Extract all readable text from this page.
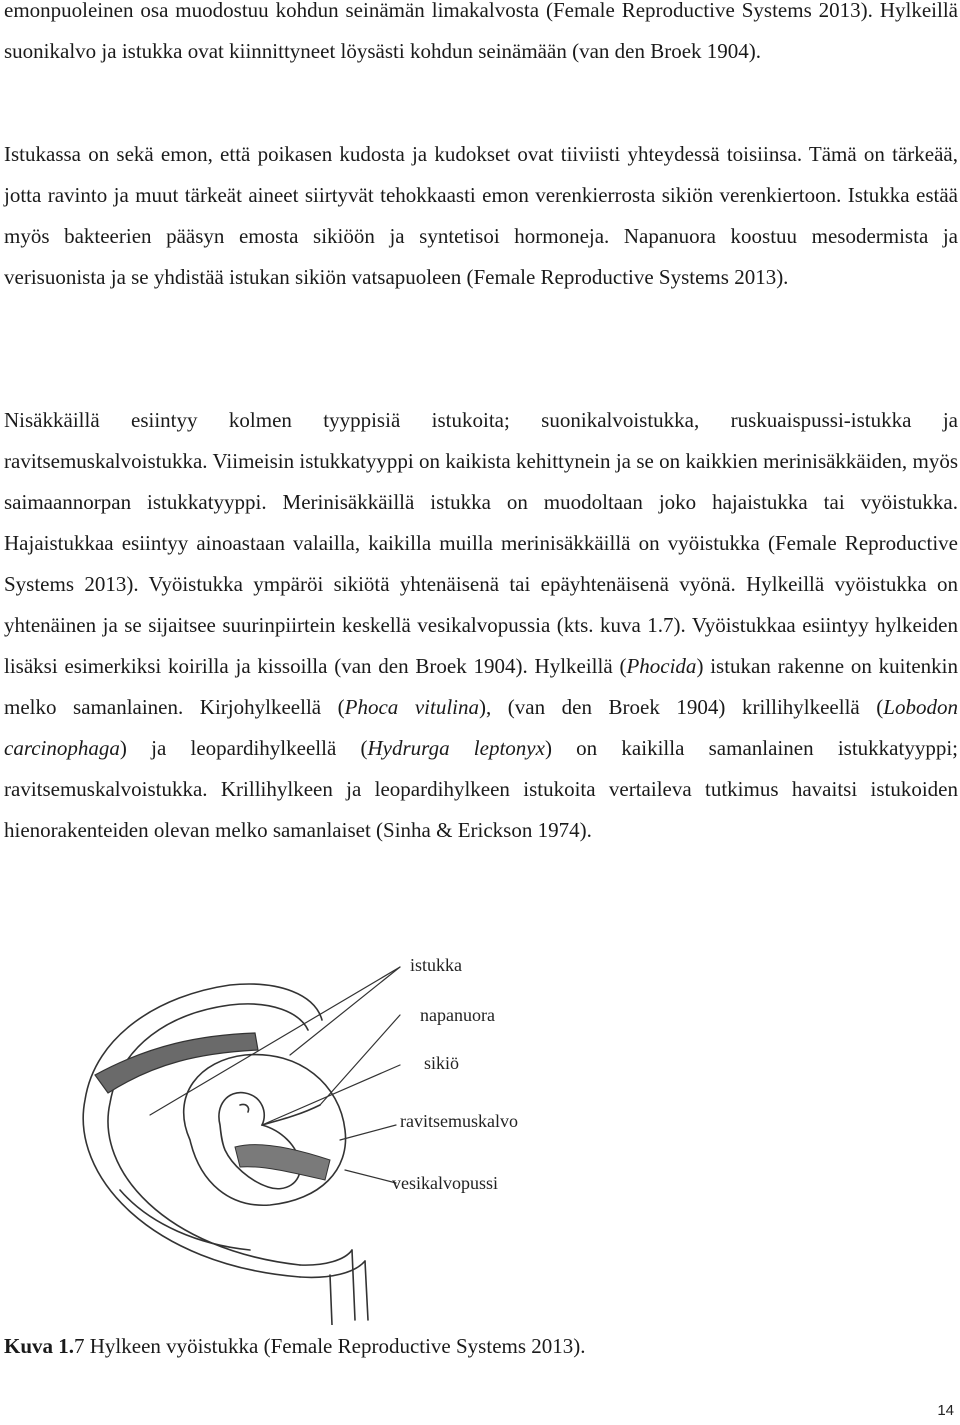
emonpuoleinen osa muodostuu kohdun seinämän limakalvosta (Female Reproductive Systems 2013). Hylkeillä suonikalvo ja istukka ovat kiinnittyneet löysästi kohdun seinämään (van den Broek 1904).

Istukassa on sekä emon, että poikasen kudosta ja kudokset ovat tiiviisti yhteydessä toisiinsa. Tämä on tärkeää, jotta ravinto ja muut tärkeät aineet siirtyvät tehokkaasti emon verenkierrosta sikiön verenkiertoon. Istukka estää myös bakteerien pääsyn emosta sikiöön ja syntetisoi hormoneja. Napanuora koostuu mesodermista ja verisuonista ja se yhdistää istukan sikiön vatsapuoleen (Female Reproductive Systems 2013).

Nisäkkäillä esiintyy kolmen tyyppisiä istukoita; suonikalvoistukka, ruskuaispussi-istukka ja ravitsemuskalvoistukka. Viimeisin istukkatyyppi on kaikista kehittynein ja se on kaikkien merinisäkkäiden, myös saimaannorpan istukkatyyppi. Merinisäkkäillä istukka on muodoltaan joko hajaistukka tai vyöistukka. Hajaistukkaa esiintyy ainoastaan valailla, kaikilla muilla merinisäkkäillä on vyöistukka (Female Reproductive Systems 2013). Vyöistukka ympäröi sikiötä yhtenäisenä tai epäyhtenäisenä vyönä. Hylkeillä vyöistukka on yhtenäinen ja se sijaitsee suurinpiirtein keskellä vesikalvopussia (kts. kuva 1.7). Vyöistukkaa esiintyy hylkeiden lisäksi esimerkiksi koirilla ja kissoilla (van den Broek 1904). Hylkeillä (Phocida) istukan rakenne on kuitenkin melko samanlainen. Kirjohylkeellä (Phoca vitulina), (van den Broek 1904) krillihylkeellä (Lobodon carcinophaga) ja leopardihylkeellä (Hydrurga leptonyx) on kaikilla samanlainen istukkatyyppi; ravitsemuskalvoistukka. Krillihylkeen ja leopardihylkeen istukoita vertaileva tutkimus havaitsi istukoiden hienorakenteiden olevan melko samanlaiset (Sinha & Erickson 1974).

istukka
napanuora
sikiö
ravitsemuskalvo
vesikalvopussi

Kuva 1.7 Hylkeen vyöistukka (Female Reproductive Systems 2013).

14
